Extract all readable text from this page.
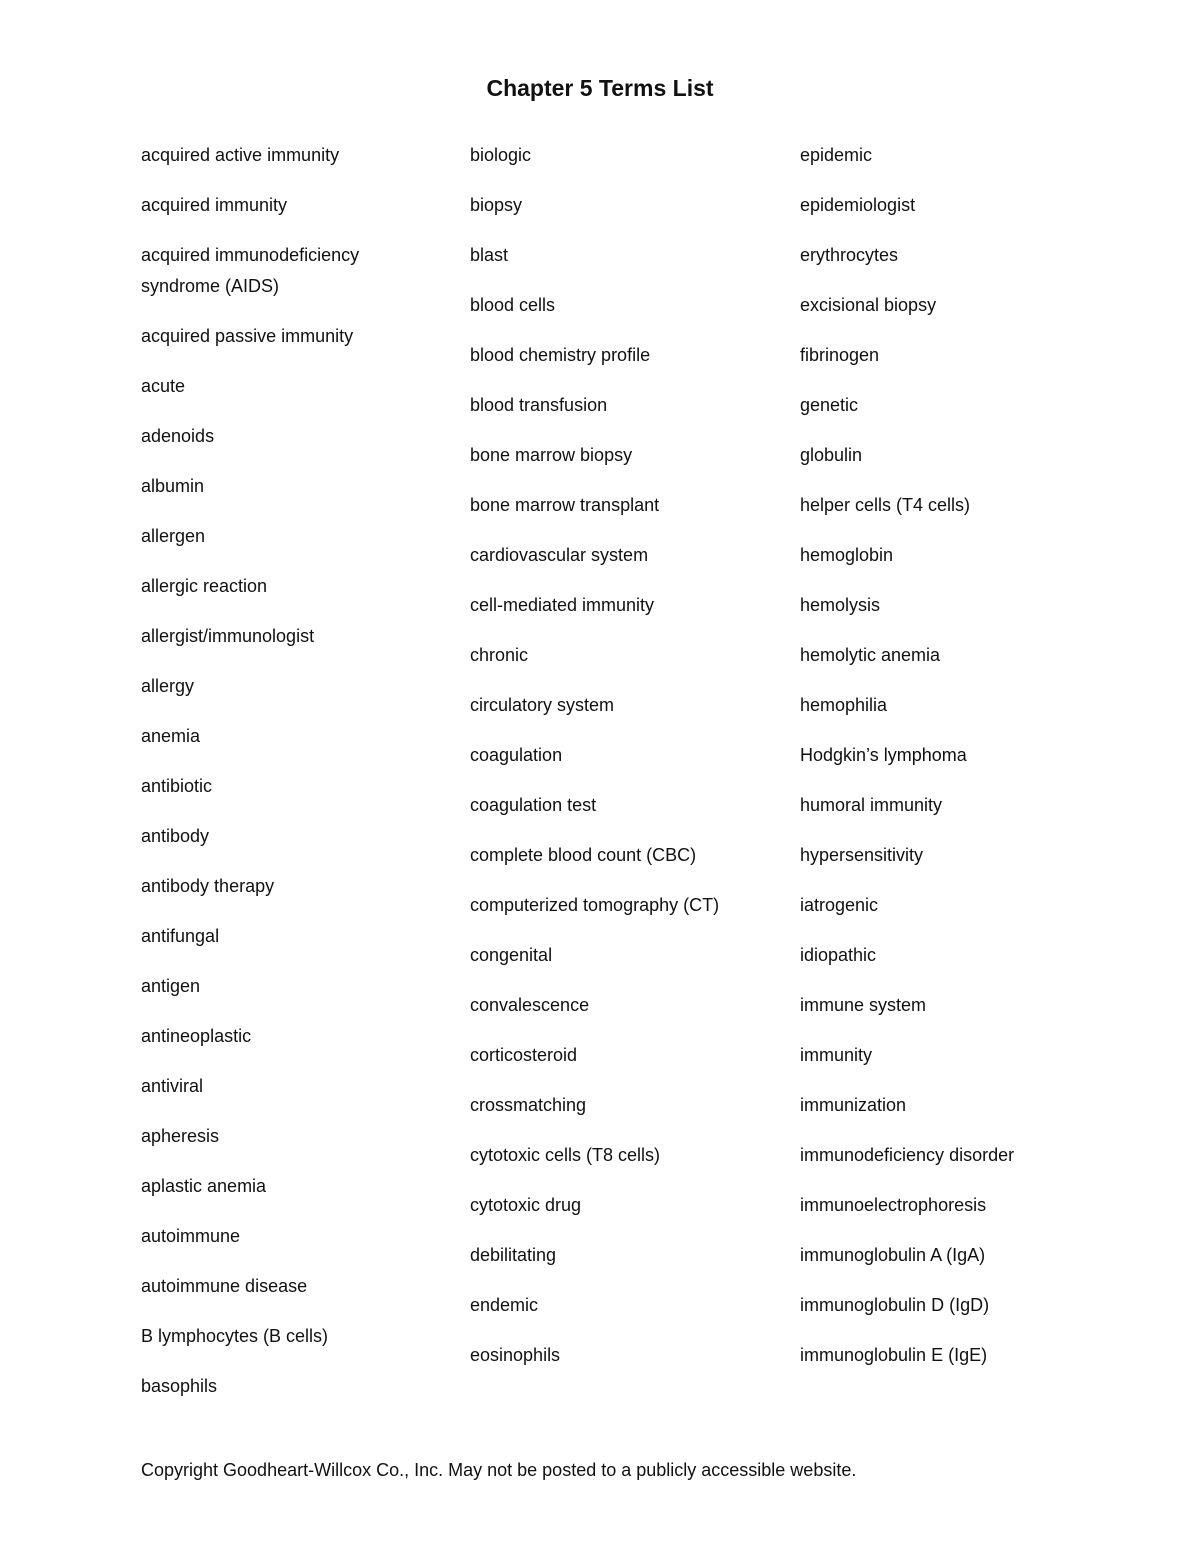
Chapter 5 Terms List
acquired active immunity
acquired immunity
acquired immunodeficiency syndrome (AIDS)
acquired passive immunity
acute
adenoids
albumin
allergen
allergic reaction
allergist/immunologist
allergy
anemia
antibiotic
antibody
antibody therapy
antifungal
antigen
antineoplastic
antiviral
apheresis
aplastic anemia
autoimmune
autoimmune disease
B lymphocytes (B cells)
basophils
biologic
biopsy
blast
blood cells
blood chemistry profile
blood transfusion
bone marrow biopsy
bone marrow transplant
cardiovascular system
cell-mediated immunity
chronic
circulatory system
coagulation
coagulation test
complete blood count (CBC)
computerized tomography (CT)
congenital
convalescence
corticosteroid
crossmatching
cytotoxic cells (T8 cells)
cytotoxic drug
debilitating
endemic
eosinophils
epidemic
epidemiologist
erythrocytes
excisional biopsy
fibrinogen
genetic
globulin
helper cells (T4 cells)
hemoglobin
hemolysis
hemolytic anemia
hemophilia
Hodgkin’s lymphoma
humoral immunity
hypersensitivity
iatrogenic
idiopathic
immune system
immunity
immunization
immunodeficiency disorder
immunoelectrophoresis
immunoglobulin A (IgA)
immunoglobulin D (IgD)
immunoglobulin E (IgE)

Copyright Goodheart-Willcox Co., Inc. May not be posted to a publicly accessible website.
